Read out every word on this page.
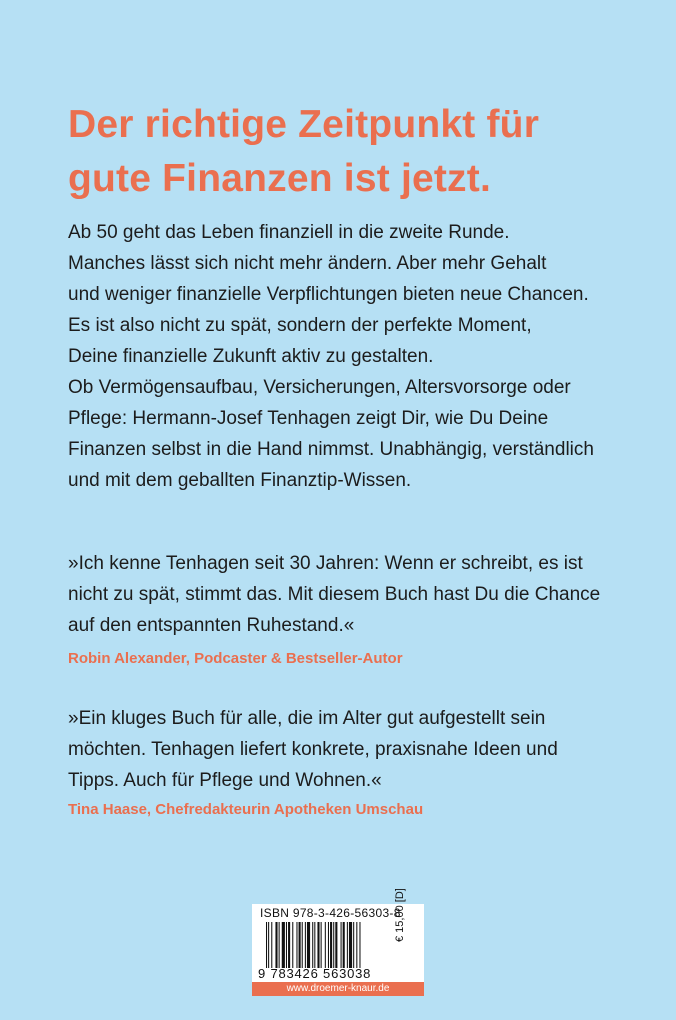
Der richtige Zeitpunkt für
gute Finanzen ist jetzt.

Ab 50 geht das Leben finanziell in die zweite Runde.
Manches lässt sich nicht mehr ändern. Aber mehr Gehalt
und weniger finanzielle Verpflichtungen bieten neue Chancen.
Es ist also nicht zu spät, sondern der perfekte Moment,
Deine finanzielle Zukunft aktiv zu gestalten.
Ob Vermögensaufbau, Versicherungen, Altersvorsorge oder
Pflege: Hermann-Josef Tenhagen zeigt Dir, wie Du Deine
Finanzen selbst in die Hand nimmst. Unabhängig, verständlich
und mit dem geballten Finanztip-Wissen.

»Ich kenne Tenhagen seit 30 Jahren: Wenn er schreibt, es ist
nicht zu spät, stimmt das. Mit diesem Buch hast Du die Chance
auf den entspannten Ruhestand.«

Robin Alexander, Podcaster & Bestseller-Autor

»Ein kluges Buch für alle, die im Alter gut aufgestellt sein
möchten. Tenhagen liefert konkrete, praxisnahe Ideen und
Tipps. Auch für Pflege und Wohnen.«

Tina Haase, Chefredakteurin Apotheken Umschau

ISBN 978-3-426-56303-8
9 783426 563038
€ 15,00 [D]
www.droemer-knaur.de
